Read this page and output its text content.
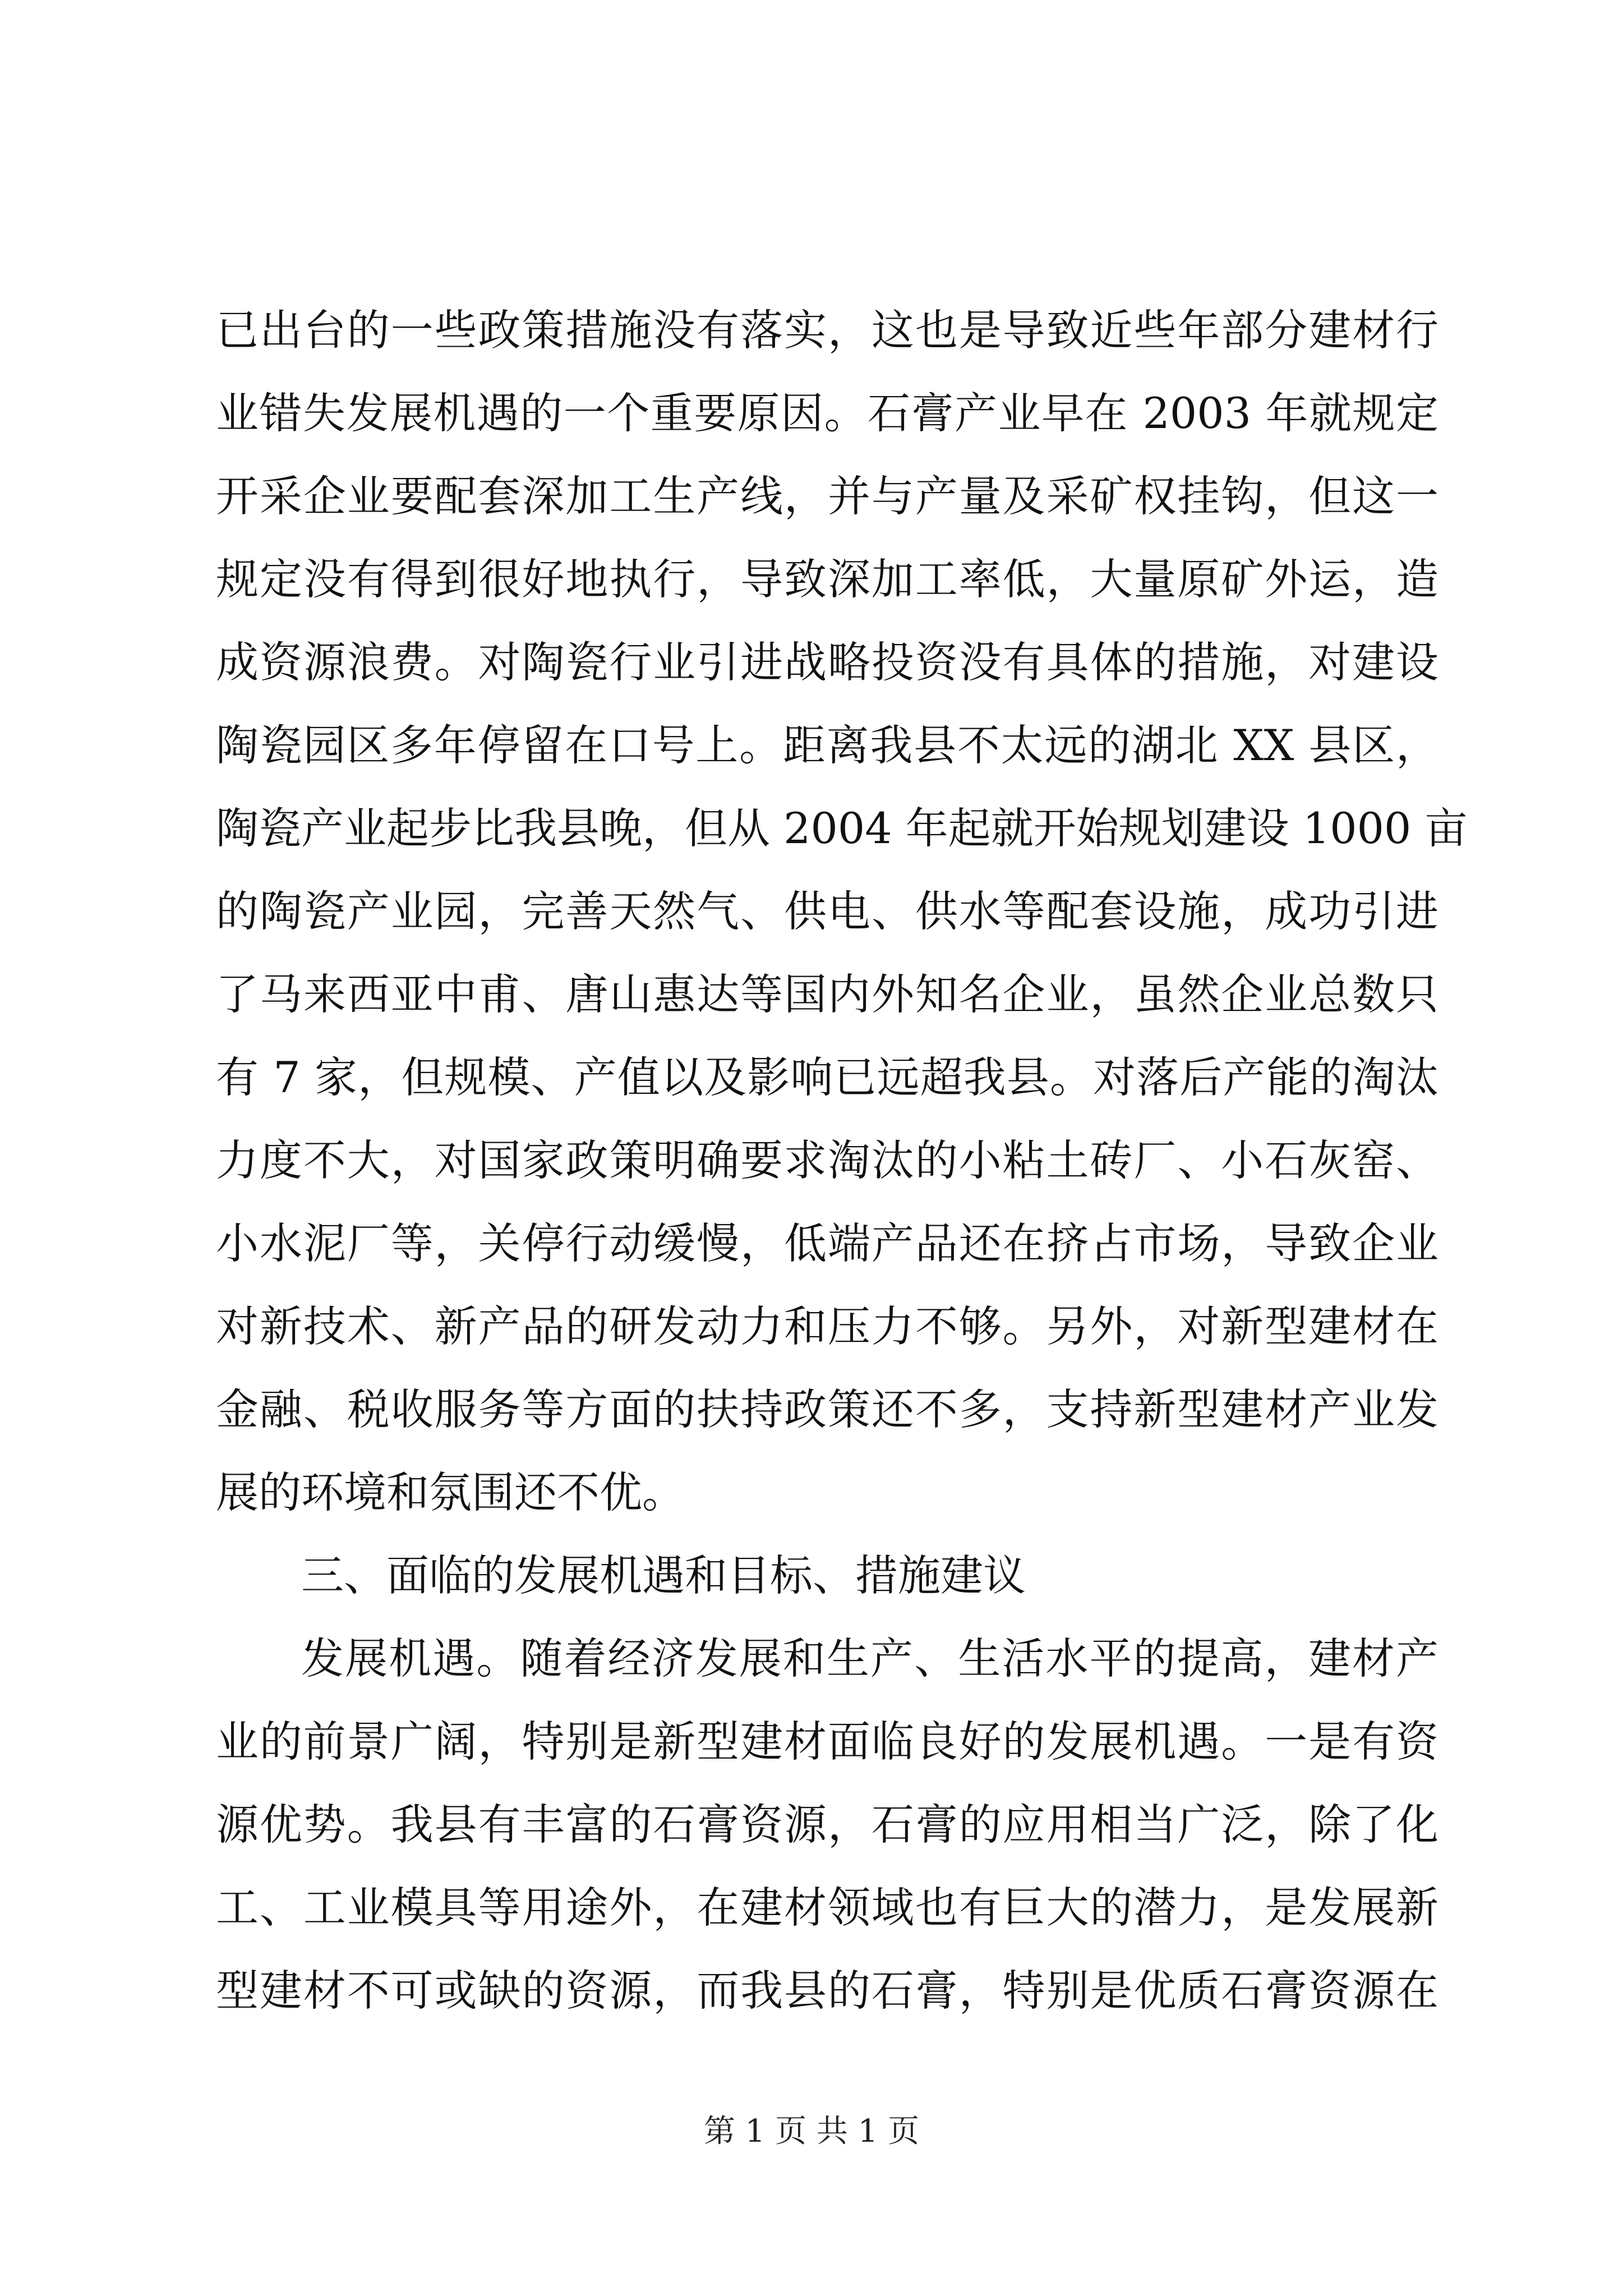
已出台的一些政策措施没有落实，这也是导致近些年部分建材行
业错失发展机遇的一个重要原因。石膏产业早在 2003 年就规定
开采企业要配套深加工生产线，并与产量及采矿权挂钩，但这一
规定没有得到很好地执行，导致深加工率低，大量原矿外运，造
成资源浪费。对陶瓷行业引进战略投资没有具体的措施，对建设
陶瓷园区多年停留在口号上。距离我县不太远的湖北 XX 县区，
陶瓷产业起步比我县晚，但从 2004 年起就开始规划建设 1000 亩
的陶瓷产业园，完善天然气、供电、供水等配套设施，成功引进
了马来西亚中甫、唐山惠达等国内外知名企业，虽然企业总数只
有 7 家，但规模、产值以及影响已远超我县。对落后产能的淘汰
力度不大，对国家政策明确要求淘汰的小粘土砖厂、小石灰窑、
小水泥厂等，关停行动缓慢，低端产品还在挤占市场，导致企业
对新技术、新产品的研发动力和压力不够。另外，对新型建材在
金融、税收服务等方面的扶持政策还不多，支持新型建材产业发
展的环境和氛围还不优。
三、面临的发展机遇和目标、措施建议
发展机遇。随着经济发展和生产、生活水平的提高，建材产
业的前景广阔，特别是新型建材面临良好的发展机遇。一是有资
源优势。我县有丰富的石膏资源，石膏的应用相当广泛，除了化
工、工业模具等用途外，在建材领域也有巨大的潜力，是发展新
型建材不可或缺的资源，而我县的石膏，特别是优质石膏资源在
第 1 页 共 1 页
